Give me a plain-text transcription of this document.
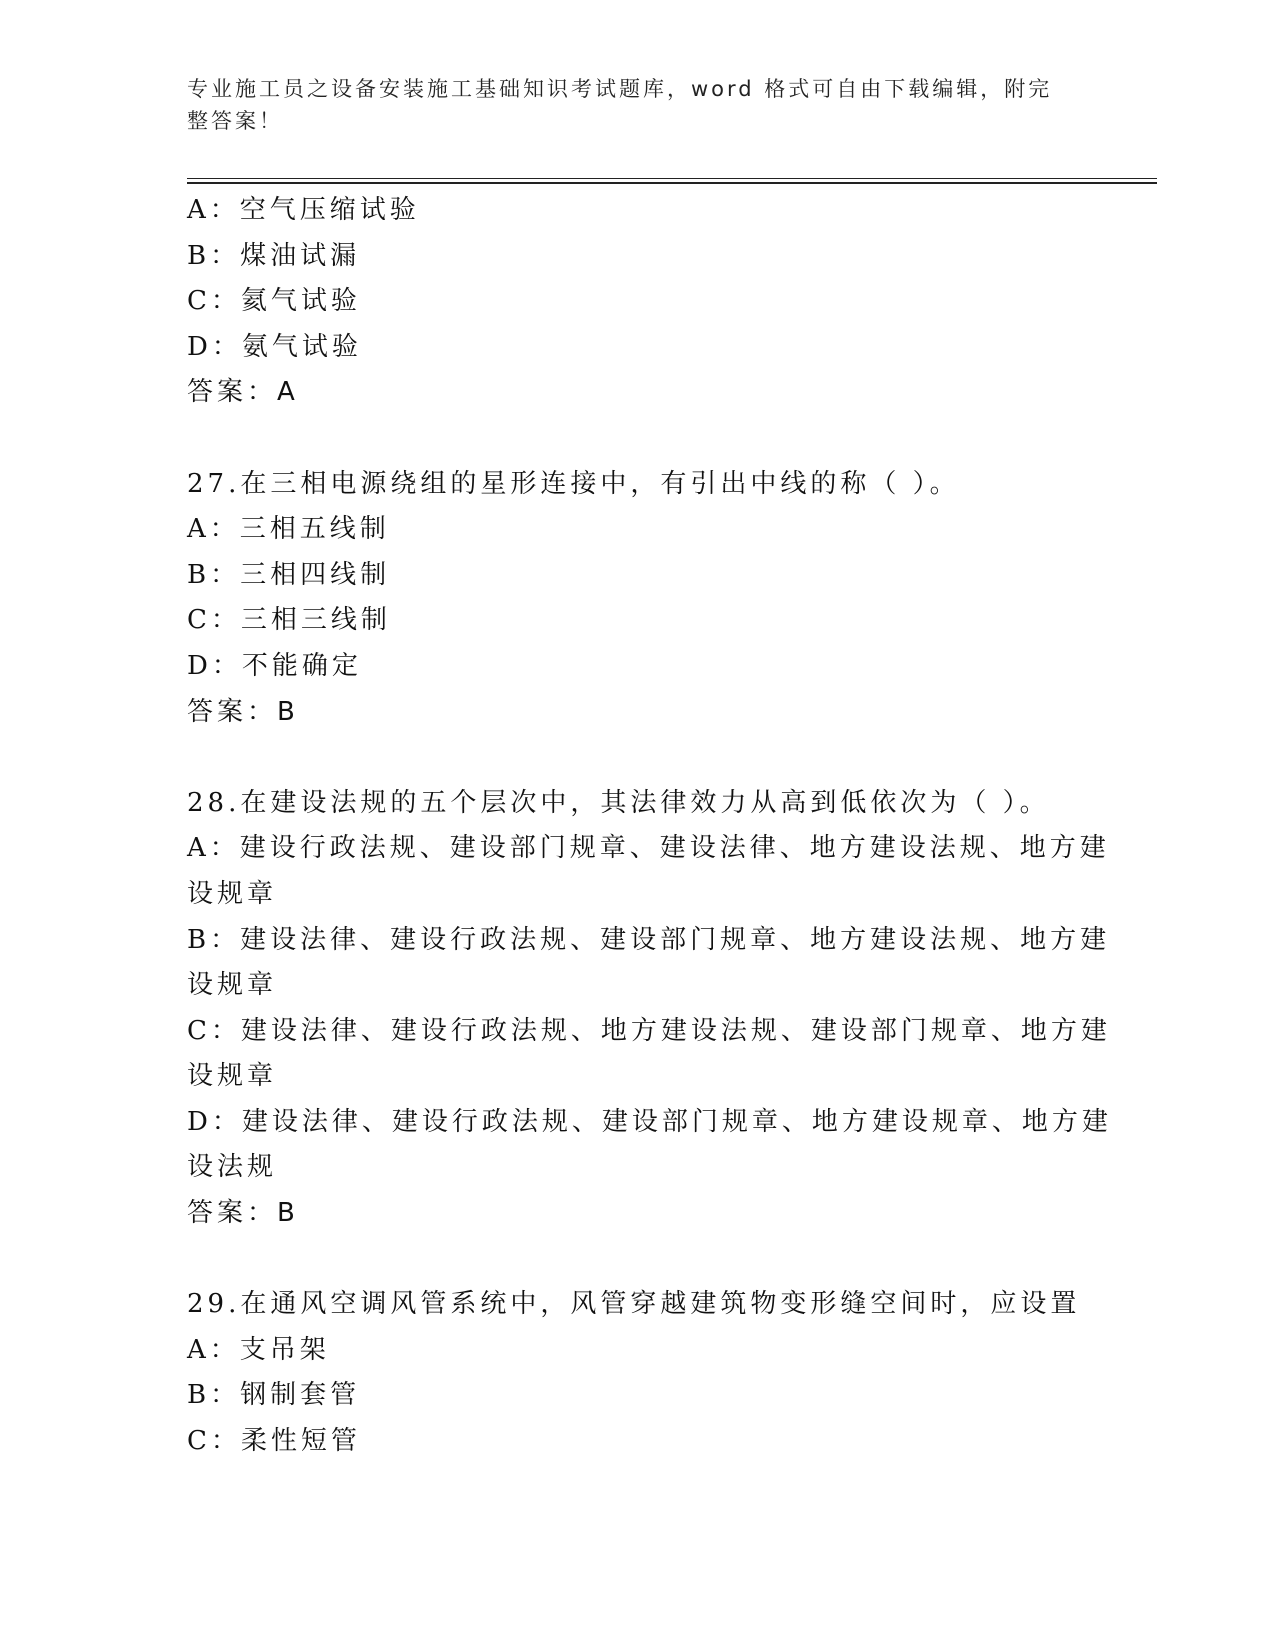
专业施工员之设备安装施工基础知识考试题库，word 格式可自由下载编辑，附完
整答案！
A：空气压缩试验
B：煤油试漏
C：氦气试验
D：氨气试验
答案：A
27.在三相电源绕组的星形连接中，有引出中线的称（ ）。
A：三相五线制
B：三相四线制
C：三相三线制
D：不能确定
答案：B
28.在建设法规的五个层次中，其法律效力从高到低依次为（ ）。
A：建设行政法规、建设部门规章、建设法律、地方建设法规、地方建
设规章
B：建设法律、建设行政法规、建设部门规章、地方建设法规、地方建
设规章
C：建设法律、建设行政法规、地方建设法规、建设部门规章、地方建
设规章
D：建设法律、建设行政法规、建设部门规章、地方建设规章、地方建
设法规
答案：B
29.在通风空调风管系统中，风管穿越建筑物变形缝空间时，应设置
A：支吊架
B：钢制套管
C：柔性短管
